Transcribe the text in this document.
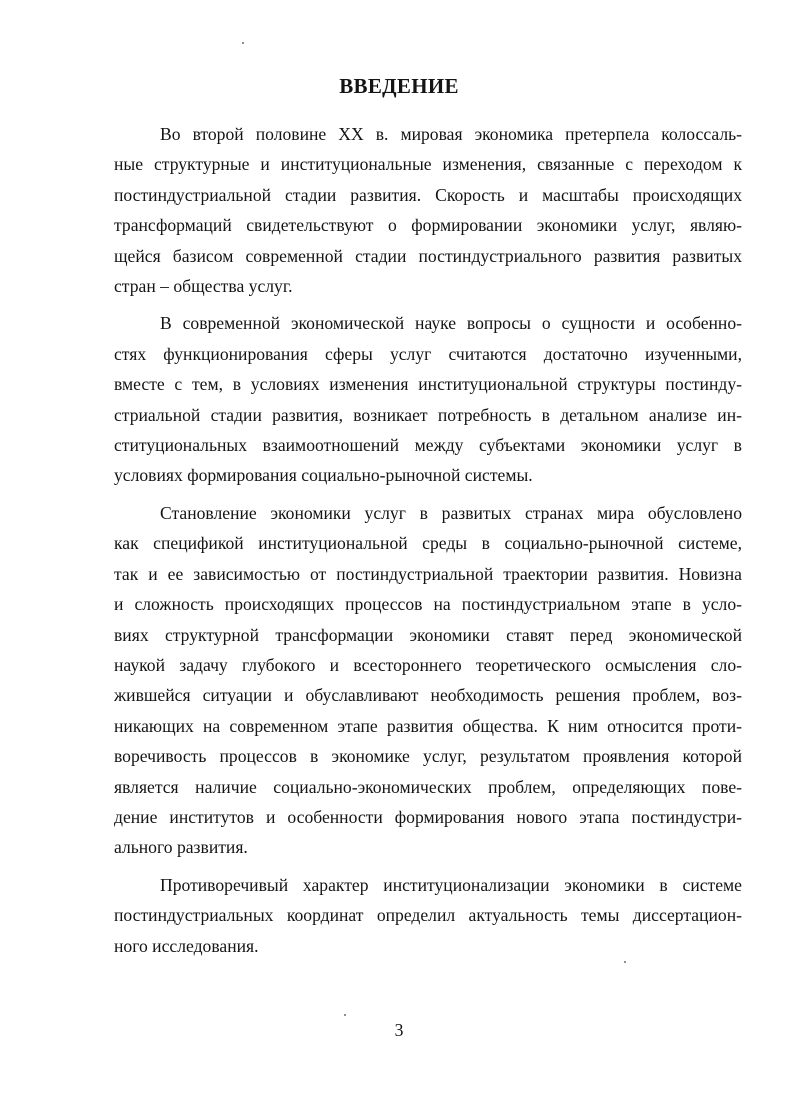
ВВЕДЕНИЕ

Во второй половине XX в. мировая экономика претерпела колоссаль-
ные структурные и институциональные изменения, связанные с переходом к
постиндустриальной стадии развития. Скорость и масштабы происходящих
трансформаций свидетельствуют о формировании экономики услуг, являю-
щейся базисом современной стадии постиндустриального развития развитых
стран – общества услуг.

В современной экономической науке вопросы о сущности и особенно-
стях функционирования сферы услуг считаются достаточно изученными,
вместе с тем, в условиях изменения институциональной структуры постинду-
стриальной стадии развития, возникает потребность в детальном анализе ин-
ституциональных взаимоотношений между субъектами экономики услуг в
условиях формирования социально-рыночной системы.

Становление экономики услуг в развитых странах мира обусловлено
как спецификой институциональной среды в социально-рыночной системе,
так и ее зависимостью от постиндустриальной траектории развития. Новизна
и сложность происходящих процессов на постиндустриальном этапе в усло-
виях структурной трансформации экономики ставят перед экономической
наукой задачу глубокого и всестороннего теоретического осмысления сло-
жившейся ситуации и обуславливают необходимость решения проблем, воз-
никающих на современном этапе развития общества. К ним относится проти-
воречивость процессов в экономике услуг, результатом проявления которой
является наличие социально-экономических проблем, определяющих пове-
дение институтов и особенности формирования нового этапа постиндустри-
ального развития.

Противоречивый характер институционализации экономики в системе
постиндустриальных координат определил актуальность темы диссертацион-
ного исследования.

3
